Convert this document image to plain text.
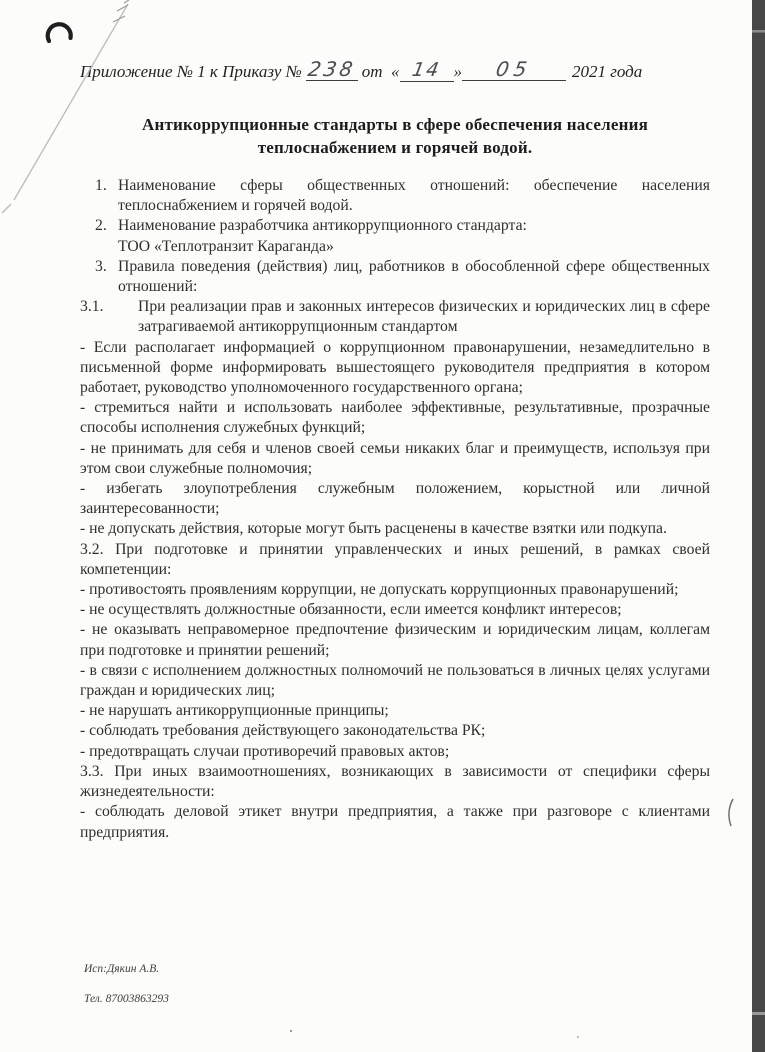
Приложение № 1 к Приказу № 238 от « 14 » 05 2021 года
Антикоррупционные стандарты в сфере обеспечения населения
теплоснабжением и горячей водой.
1. Наименование сферы общественных отношений: обеспечение населения теплоснабжением и горячей водой.
2. Наименование разработчика антикоррупционного стандарта:
ТОО «Теплотранзит Караганда»
3. Правила поведения (действия) лиц, работников в обособленной сфере общественных отношений:
3.1. При реализации прав и законных интересов физических и юридических лиц в сфере затрагиваемой антикоррупционным стандартом
- Если располагает информацией о коррупционном правонарушении, незамедлительно в письменной форме информировать вышестоящего руководителя предприятия в котором работает, руководство уполномоченного государственного органа;
- стремиться найти и использовать наиболее эффективные, результативные, прозрачные способы исполнения служебных функций;
- не принимать для себя и членов своей семьи никаких благ и преимуществ, используя при этом свои служебные полномочия;
- избегать злоупотребления служебным положением, корыстной или личной заинтересованности;
- не допускать действия, которые могут быть расценены в качестве взятки или подкупа.
3.2. При подготовке и принятии управленческих и иных решений, в рамках своей компетенции:
- противостоять проявлениям коррупции, не допускать коррупционных правонарушений;
- не осуществлять должностные обязанности, если имеется конфликт интересов;
- не оказывать неправомерное предпочтение физическим и юридическим лицам, коллегам при подготовке и принятии решений;
- в связи с исполнением должностных полномочий не пользоваться в личных целях услугами граждан и юридических лиц;
- не нарушать антикоррупционные принципы;
- соблюдать требования действующего законодательства РК;
- предотвращать случаи противоречий правовых актов;
3.3. При иных взаимоотношениях, возникающих в зависимости от специфики сферы жизнедеятельности:
- соблюдать деловой этикет внутри предприятия, а также при разговоре с клиентами предприятия.
Исп:Дякин А.В.
Тел. 87003863293
